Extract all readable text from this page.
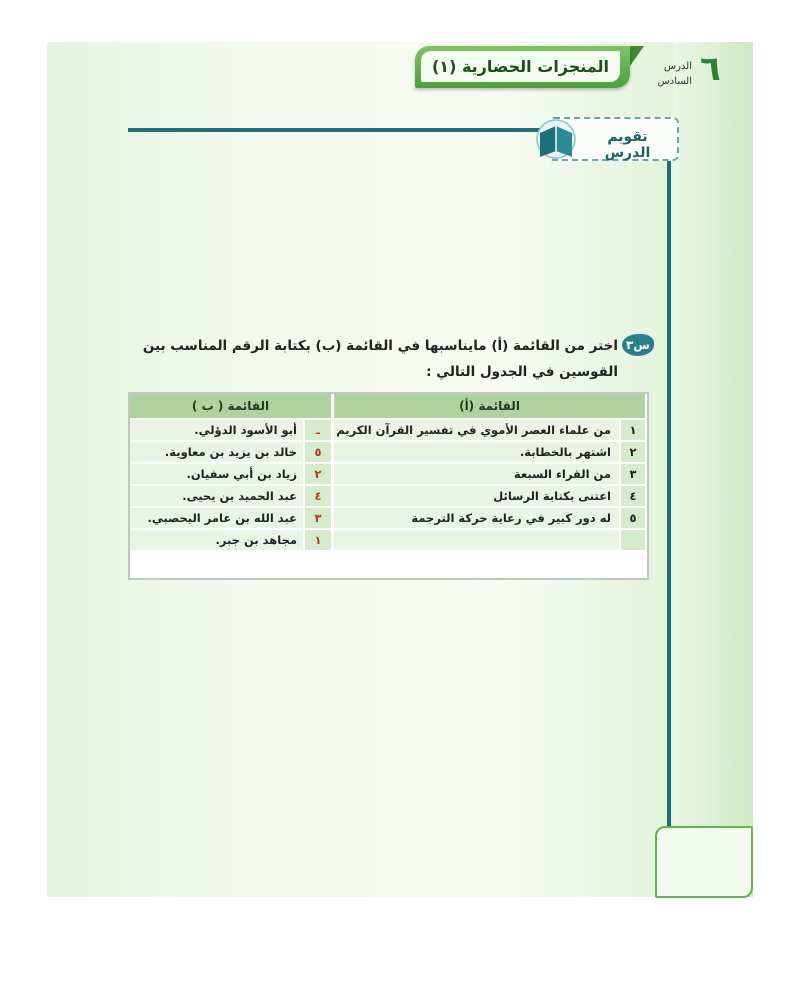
٦
الدرس
السادس
المنجزات الحضارية (١)
تقويم الدرس
س٣
اختر من القائمة (أ) مايناسبها في القائمة (ب) بكتابة الرقم المناسب بين القوسين في الجدول التالي :
القائمة (أ)
القائمة ( ب )
١
من علماء العصر الأموي في تفسير القرآن الكريم
٢
اشتهر بالخطابة.
٣
من القراء السبعة
٤
اعتنى بكتابة الرسائل
٥
له دور كبير في رعاية حركة الترجمة
ـ
أبو الأسود الدؤلي.
٥
خالد بن يزيد بن معاوية.
٢
زياد بن أبي سفيان.
٤
عبد الحميد بن يحيى.
٣
عبد الله بن عامر اليحصبي.
١
مجاهد بن جبر.
